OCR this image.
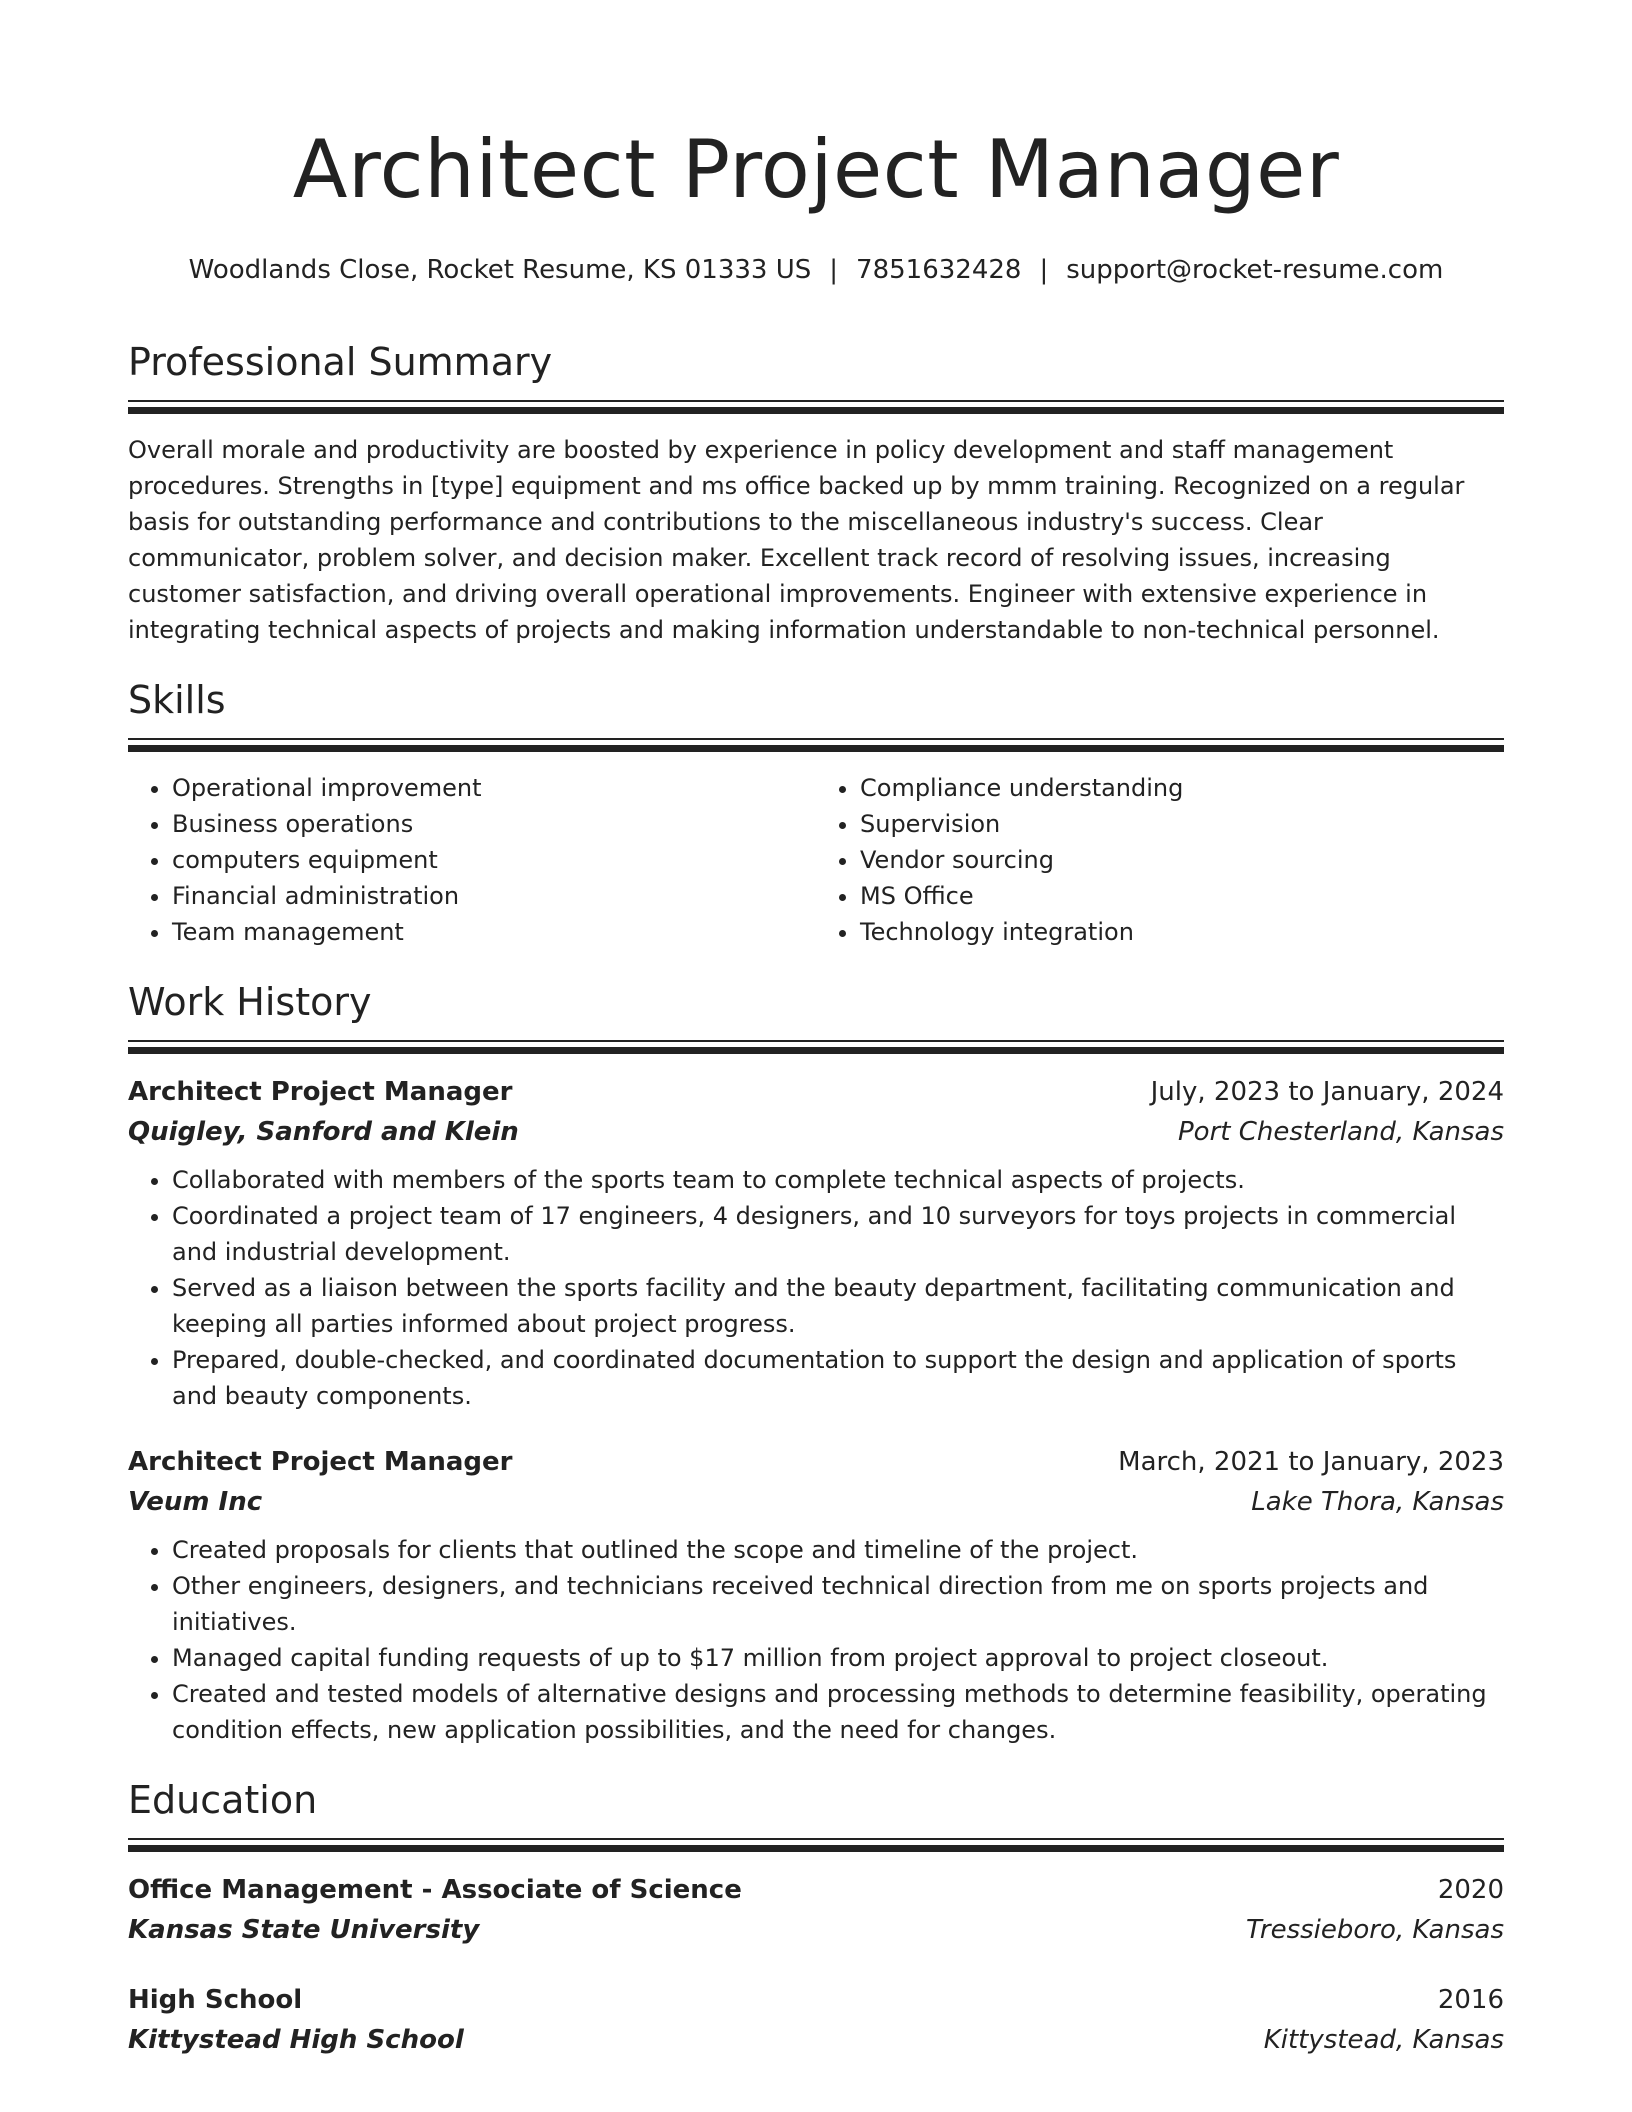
Architect Project Manager
Woodlands Close, Rocket Resume, KS 01333 US | 7851632428 | support@rocket-resume.com
Professional Summary

Overall morale and productivity are boosted by experience in policy development and staff management procedures. Strengths in [type] equipment and ms office backed up by mmm training. Recognized on a regular basis for outstanding performance and contributions to the miscellaneous industry's success. Clear communicator, problem solver, and decision maker. Excellent track record of resolving issues, increasing customer satisfaction, and driving overall operational improvements. Engineer with extensive experience in integrating technical aspects of projects and making information understandable to non-technical personnel.

Skills
• Operational improvement
• Business operations
• computers equipment
• Financial administration
• Team management
• Compliance understanding
• Supervision
• Vendor sourcing
• MS Office
• Technology integration
Work History
Architect Project Manager	July, 2023 to January, 2024
Quigley, Sanford and Klein	Port Chesterland, Kansas
• Collaborated with members of the sports team to complete technical aspects of projects.
• Coordinated a project team of 17 engineers, 4 designers, and 10 surveyors for toys projects in commercial and industrial development.
• Served as a liaison between the sports facility and the beauty department, facilitating communication and keeping all parties informed about project progress.
• Prepared, double-checked, and coordinated documentation to support the design and application of sports and beauty components.
Architect Project Manager	March, 2021 to January, 2023
Veum Inc	Lake Thora, Kansas
• Created proposals for clients that outlined the scope and timeline of the project.
• Other engineers, designers, and technicians received technical direction from me on sports projects and initiatives.
• Managed capital funding requests of up to $17 million from project approval to project closeout.
• Created and tested models of alternative designs and processing methods to determine feasibility, operating condition effects, new application possibilities, and the need for changes.
Education
Office Management - Associate of Science	2020
Kansas State University	Tressieboro, Kansas
High School	2016
Kittystead High School	Kittystead, Kansas
